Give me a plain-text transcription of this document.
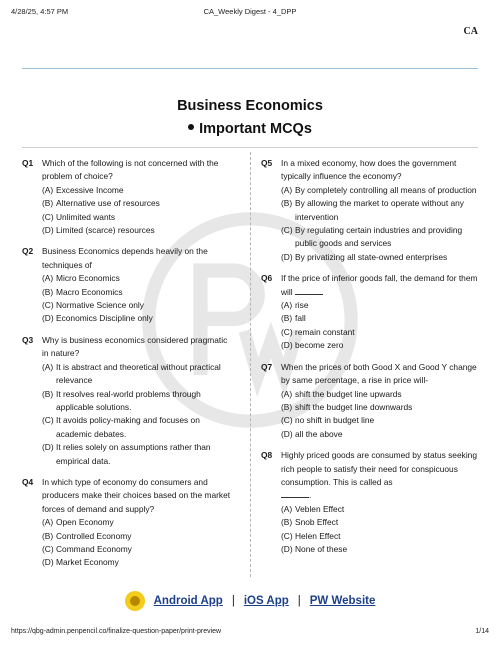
4/28/25, 4:57 PM	CA_Weekly Digest - 4_DPP
CA
Business Economics
Important MCQs
Q1	Which of the following is not concerned with the problem of choice?
(A) Excessive Income
(B) Alternative use of resources
(C) Unlimited wants
(D) Limited (scarce) resources
Q2	Business Economics depends heavily on the techniques of
(A) Micro Economics
(B) Macro Economics
(C) Normative Science only
(D) Economics Discipline only
Q3	Why is business economics considered pragmatic in nature?
(A) It is abstract and theoretical without practical relevance
(B) It resolves real-world problems through applicable solutions.
(C) It avoids policy-making and focuses on academic debates.
(D) It relies solely on assumptions rather than empirical data.
Q4	In which type of economy do consumers and producers make their choices based on the market forces of demand and supply?
(A) Open Economy
(B) Controlled Economy
(C) Command Economy
(D) Market Economy
Q5	In a mixed economy, how does the government typically influence the economy?
(A) By completely controlling all means of production
(B) By allowing the market to operate without any intervention
(C) By regulating certain industries and providing public goods and services
(D) By privatizing all state-owned enterprises
Q6	If the price of inferior goods fall, the demand for them will
(A) rise
(B) fall
(C) remain constant
(D) become zero
Q7	When the prices of both Good X and Good Y change by same percentage, a rise in price will-
(A) shift the budget line upwards
(B) shift the budget line downwards
(C) no shift in budget line
(D) all the above
Q8	Highly priced goods are consumed by status seeking rich people to satisfy their need for conspicuous consumption. This is called as
.
(A) Veblen Effect
(B) Snob Effect
(C) Helen Effect
(D) None of these
Android App | iOS App | PW Website
https://qbg-admin.penpencil.co/finalize-question-paper/print-preview	1/14
